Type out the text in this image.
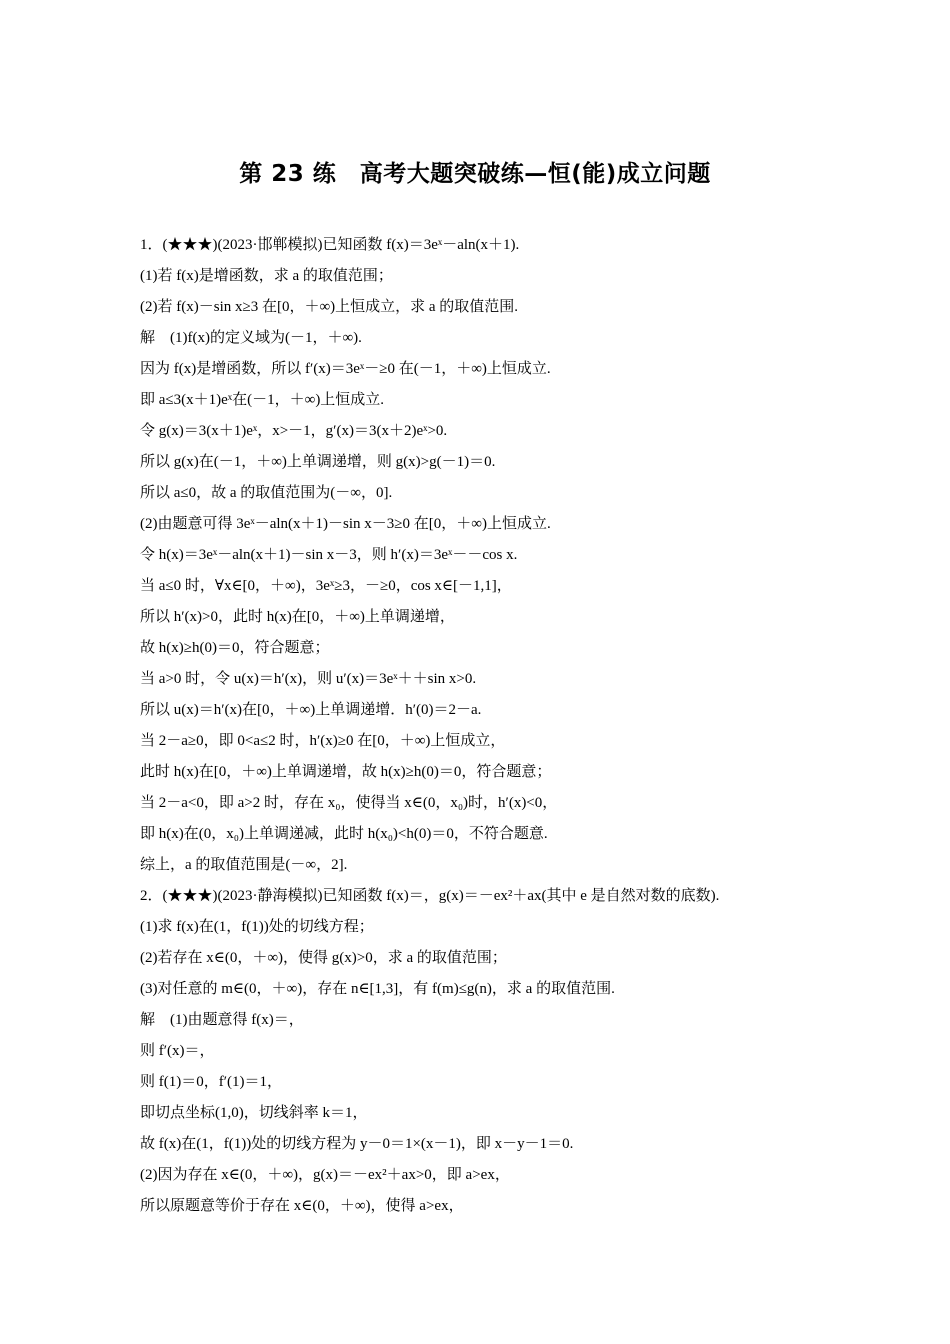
第 23 练　高考大题突破练—恒(能)成立问题
1．(★★★)(2023·邯郸模拟)已知函数 f(x)＝3eˣ－aln(x＋1).
(1)若 f(x)是增函数，求 a 的取值范围；
(2)若 f(x)－sin x≥3 在[0，＋∞)上恒成立，求 a 的取值范围.
解　(1)f(x)的定义域为(－1，＋∞).
因为 f(x)是增函数，所以 f′(x)＝3eˣ－≥0 在(－1，＋∞)上恒成立.
即 a≤3(x＋1)eˣ在(－1，＋∞)上恒成立.
令 g(x)＝3(x＋1)eˣ，x>－1，g′(x)＝3(x＋2)eˣ>0.
所以 g(x)在(－1，＋∞)上单调递增，则 g(x)>g(－1)＝0.
所以 a≤0，故 a 的取值范围为(－∞，0].
(2)由题意可得 3eˣ－aln(x＋1)－sin x－3≥0 在[0，＋∞)上恒成立.
令 h(x)＝3eˣ－aln(x＋1)－sin x－3，则 h′(x)＝3eˣ－－cos x.
当 a≤0 时，∀x∈[0，＋∞)，3eˣ≥3，－≥0，cos x∈[－1,1]，
所以 h′(x)>0，此时 h(x)在[0，＋∞)上单调递增，
故 h(x)≥h(0)＝0，符合题意；
当 a>0 时，令 u(x)＝h′(x)，则 u′(x)＝3eˣ＋＋sin x>0.
所以 u(x)＝h′(x)在[0，＋∞)上单调递增．h′(0)＝2－a.
当 2－a≥0，即 0<a≤2 时，h′(x)≥0 在[0，＋∞)上恒成立，
此时 h(x)在[0，＋∞)上单调递增，故 h(x)≥h(0)＝0，符合题意；
当 2－a<0，即 a>2 时，存在 x₀，使得当 x∈(0，x₀)时，h′(x)<0，
即 h(x)在(0，x₀)上单调递减，此时 h(x₀)<h(0)＝0，不符合题意.
综上，a 的取值范围是(－∞，2].
2．(★★★)(2023·静海模拟)已知函数 f(x)＝，g(x)＝－ex²＋ax(其中 e 是自然对数的底数).
(1)求 f(x)在(1，f(1))处的切线方程；
(2)若存在 x∈(0，＋∞)，使得 g(x)>0，求 a 的取值范围；
(3)对任意的 m∈(0，＋∞)，存在 n∈[1,3]，有 f(m)≤g(n)，求 a 的取值范围.
解　(1)由题意得 f(x)＝，
则 f′(x)＝，
则 f(1)＝0，f′(1)＝1，
即切点坐标(1,0)，切线斜率 k＝1，
故 f(x)在(1，f(1))处的切线方程为 y－0＝1×(x－1)，即 x－y－1＝0.
(2)因为存在 x∈(0，＋∞)，g(x)＝－ex²＋ax>0，即 a>ex，
所以原题意等价于存在 x∈(0，＋∞)，使得 a>ex，
